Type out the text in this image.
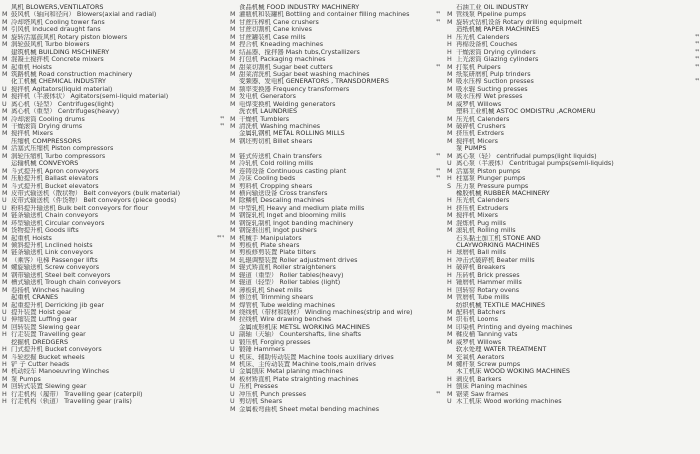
风机 BLOWERS,VENTILATORS
M 鼓风机（轴向和径向） Blowers(axial and radial)
M 冷却塔风机 Cooling tower fans
M 引风机 Induced draught fans
M 旋转活塞鼓风机 Rotary piston blowers
M 涡轮鼓风机 Turbo blowers
建筑机械 BUILDING MSCHINERY
M 混凝土搅拌机 Concrete mixers
M 起重机 Hoists
M 筑路机械 Road construction machinery
化工机械 CHEMICAL INDUSTRY
U 搅拌机 Agitators(liquid material)
M 搅拌机（半液体状） Agitators(semi-liquid material)
U 离心机（轻型） Centrifuges(light)
M 离心机（重型） Centrifuges(heavy)
M 冷却滚筒 Cooling drums	**
M 干燥滚筒 Drying drums	**
M 搅拌机 Mixers
压缩机 COMPRESSORS
M 活塞式压缩机 Piston compressors
M 涡轮压缩机 Turbo compressors
运输机械 CONVEYORS
M 斗式提升机 Apron conveyors
M 压舱提升机 Ballast elevators
M 斗式提升机 Bucket elevators
M 皮带式输送机（散状物） Belt conveyors (bulk material)
U 皮带式输送机（件货物） Belt conveyors (piece goods)
U 粉料提升输送机 Bulk belt conveyors for flour
M 链条输送机 Chain conveyors
M 环型输送机 Circular conveyors
M 货物提升机 Goods lifts
M 起重机 Hoists	** *
M 倾斜提升机 Lnclined hoists
M 链条输送机 Link conveyors
M （乘客）电梯 Passenger lifts
M 螺旋输送机 Screw conveyors
M 钢带输送机 Steel belt conveyors
M 槽式输送机 Trough chain conveyors
M 卷扬机 Winches hauling
起重机 CRANES
M 起重提升机 Derricking jib gear
U 提升装置 Hoist gear
U 伸缩装置 Luffing gear
M 回转装置 Slewing gear
H 行走装置 Travelling gear
挖掘机 DREDGERS
H 门式提升机 Bucket conveyors
M 斗轮挖掘 Bucket wheels
H 铲 子 Cutter heads
M 机动绞车 Manoeuvring Winches
M 泵 Pumps
M 回转式装置 Slewing gear
H 行走机构（履带） Travelling gear (caterpil)
H 行走机构（轨道） Travelling gear (rails)
食品机械 FOOD INDUSTRY MACHINERY
M 灌瓶机和装罐机 Bottling and container filling machines	**
M 甘蔗压榨机 Cane crushers	**
M 甘蔗切割机 Cane knives
M 甘蔗罐装机 Case mills
M 捏合机 Kneading machines
M 结晶器、搅拌器 Mash tubs,Crystallizers
M 打包机 Packaging machines
M 甜菜切割机 Sugar beet cutters	**
M 甜菜清洗机 Sugar beet washing machines
变频器、发电机 GENERATORS , TRANSDORMERS
M 频率变换器 Frequency transformers
M 发电机 Generators
M 电焊变换机 Welding generators
洗衣机 LAUNDRIES
M 干燥机 Tumblers
M 清洗机 Washing machines
金属轧钢机 METAL ROLLING MILLS
M 钢坯剪切机 Billet shears
M 链式传送机 Chain transfers	**
M 冷轧机 Cold rolling mills
M 连铸设备 Continuous casting plant	**
M 冷床 Cooling beds	**
M 剪料机 Cropping shears
M 横向输送设备 Cross transfers
M 除鳞机 Descaling machines
M 中型轧机 Heavy and medium plate mills
M 钢锭轧机 Inget and blooming mills
M 钢锭轧制机 Ingot banding machinery
M 钢锭推出机 Ingot pushers
M 机械手 Manipulators
M 剪板机 Plate shears
M 剪板修剪装置 Plate tilters
M 轧辊调整装置 Roller adjustment drives
M 辊式矫直机 Roller straighteners
M 辊道（重型） Roller tables(heavy)
M 辊道（轻型） Roller tables (light)
M 薄板轧机 Sheet mills
M 修边机 Trimming shears
M 焊管机 Tube welding machines
M 绕线机（带材和线材） Winding machines(strip and wire)
M 拉线机 Wire drawing benches
金属成形机床 METSL WORKING MACHINES
U 副轴（天轴） Countershafts, line shafts
U 锻压机 Forging presses
U 锻锤 Hammers
U 机床、辅助传动装置 Machine tools auxiliary drives
M 机床、主传动装置 Machine tools,main drives
U 金属刨床 Metal planing machines
M 板材矫直机 Plate straighting machines
U 压机 Presses
U 冲压机 Punch presses	**
U 剪切机 Shears
M 金属板弯曲机 Sheet metal bending machines
石油工业 OIL INDUSTRY
M 管线泵 Pipeline pumps
M 旋转式钻机设备 Rotary drilling equipmelt
造纸机械 PAPER MACHINES
H 压光机 Calenders	**
H 再棉设备机 Couches	**
H 干燥滚筒 Drying cylinders	**
H 上光滚筒 Glazing cylinders	**
M 打浆机 Pulpers	**
M 纸浆研磨机 Pulp trinders
M 吸水压榨 Suction presses	**
M 吸水辊 Sucting presses
M 吸水压榨 Wet presses
M 威罗机 Willows
塑料工业机械 ASTOC OMDISTRU ,ACROMERU
M 压光机 Calenders
M 破碎机 Crushers
M 挤压机 Extrders
M 搅拌机 Micers
泵 PUMPS
M 离心泵（轻） centrifudal pumps(light liquids)
U 离心泵（半液体） Centritugal pumps(semli-liquids)
M 活塞泵 Piston pumps
H 柱塞泵 Plunger pumps
S 压力泵 Pressure pumps
橡胶机械 RUBBER MACHINERY
H 压光机 Calenders
H 挤压机 Extruders
M 搅拌机 Mixers
M 混炼机 Pug mills
M 滚轧机 Rolling mills
石头黏土加工机 STONE AND
CLAYWORKING MACHINES
H 球磨机 Ball mills
H 冲击式破碎机 Beater mills
H 破碎机 Breakers
H 压砖机 Brick presses
H 锤磨机 Hammer mills
H 回转窑 Rotary ovens
M 管磨机 Tube mills
纺织机械 TEXTILE MACHINES
M 配料机 Batchers
M 织布机 Looms
M 印染机 Printing and dyeing machines
M 鞣皮桶 Tanning vats
M 威罗机 Willows
软水处理 WATER TREATMENT
M 充氧机 Aerators
M 螺杆泵 Screw pumps
木工机床 WOOD WOKING MACHINES
H 剥皮机 Barkers
H 刨床 Planing machines
M 锯架 Saw frames
U 木工机床 Wood working machines
